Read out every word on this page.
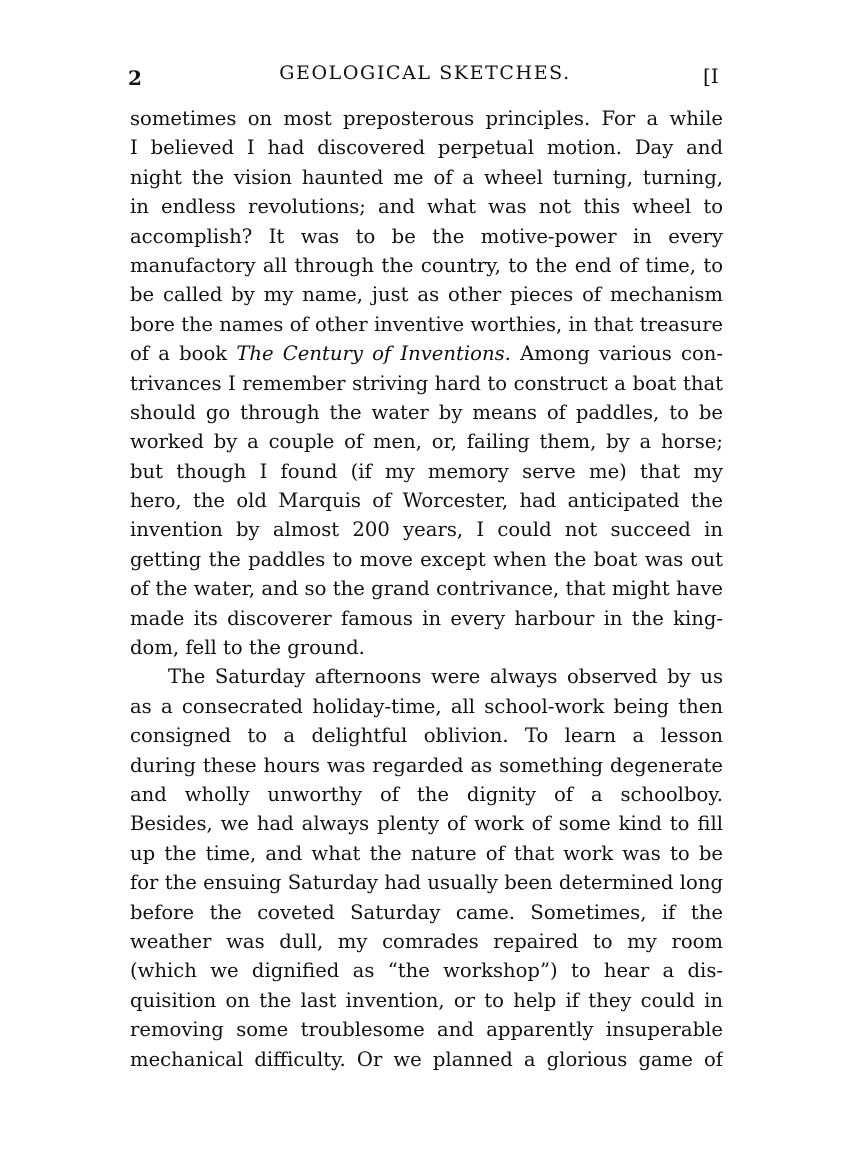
2	GEOLOGICAL SKETCHES.	[I
sometimes on most preposterous principles. For a while
I believed I had discovered perpetual motion. Day and
night the vision haunted me of a wheel turning, turning,
in endless revolutions; and what was not this wheel to
accomplish? It was to be the motive-power in every
manufactory all through the country, to the end of time, to
be called by my name, just as other pieces of mechanism
bore the names of other inventive worthies, in that treasure
of a book The Century of Inventions. Among various con-
trivances I remember striving hard to construct a boat that
should go through the water by means of paddles, to be
worked by a couple of men, or, failing them, by a horse;
but though I found (if my memory serve me) that my
hero, the old Marquis of Worcester, had anticipated the
invention by almost 200 years, I could not succeed in
getting the paddles to move except when the boat was out
of the water, and so the grand contrivance, that might have
made its discoverer famous in every harbour in the king-
dom, fell to the ground.
The Saturday afternoons were always observed by us
as a consecrated holiday-time, all school-work being then
consigned to a delightful oblivion. To learn a lesson
during these hours was regarded as something degenerate
and wholly unworthy of the dignity of a schoolboy.
Besides, we had always plenty of work of some kind to fill
up the time, and what the nature of that work was to be
for the ensuing Saturday had usually been determined long
before the coveted Saturday came. Sometimes, if the
weather was dull, my comrades repaired to my room
(which we dignified as “the workshop”) to hear a dis-
quisition on the last invention, or to help if they could in
removing some troublesome and apparently insuperable
mechanical difficulty. Or we planned a glorious game of
